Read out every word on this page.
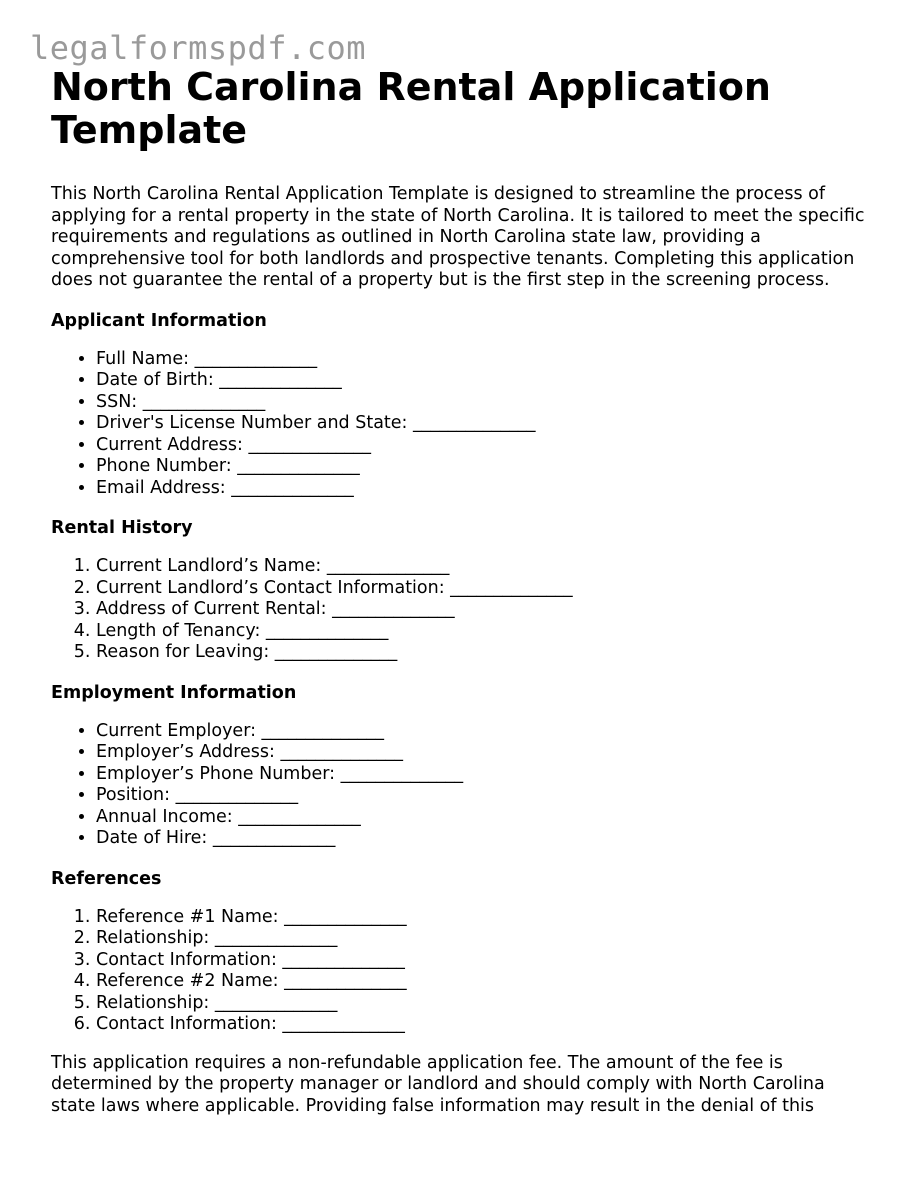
legalformspdf.com
North Carolina Rental Application Template

This North Carolina Rental Application Template is designed to streamline the process of applying for a rental property in the state of North Carolina. It is tailored to meet the specific requirements and regulations as outlined in North Carolina state law, providing a comprehensive tool for both landlords and prospective tenants. Completing this application does not guarantee the rental of a property but is the first step in the screening process.

Applicant Information
• Full Name: ______________
• Date of Birth: ______________
• SSN: ______________
• Driver's License Number and State: ______________
• Current Address: ______________
• Phone Number: ______________
• Email Address: ______________
Rental History
1. Current Landlord’s Name: ______________
2. Current Landlord’s Contact Information: ______________
3. Address of Current Rental: ______________
4. Length of Tenancy: ______________
5. Reason for Leaving: ______________
Employment Information
• Current Employer: ______________
• Employer’s Address: ______________
• Employer’s Phone Number: ______________
• Position: ______________
• Annual Income: ______________
• Date of Hire: ______________
References
1. Reference #1 Name: ______________
2. Relationship: ______________
3. Contact Information: ______________
4. Reference #2 Name: ______________
5. Relationship: ______________
6. Contact Information: ______________

This application requires a non-refundable application fee. The amount of the fee is determined by the property manager or landlord and should comply with North Carolina state laws where applicable. Providing false information may result in the denial of this
